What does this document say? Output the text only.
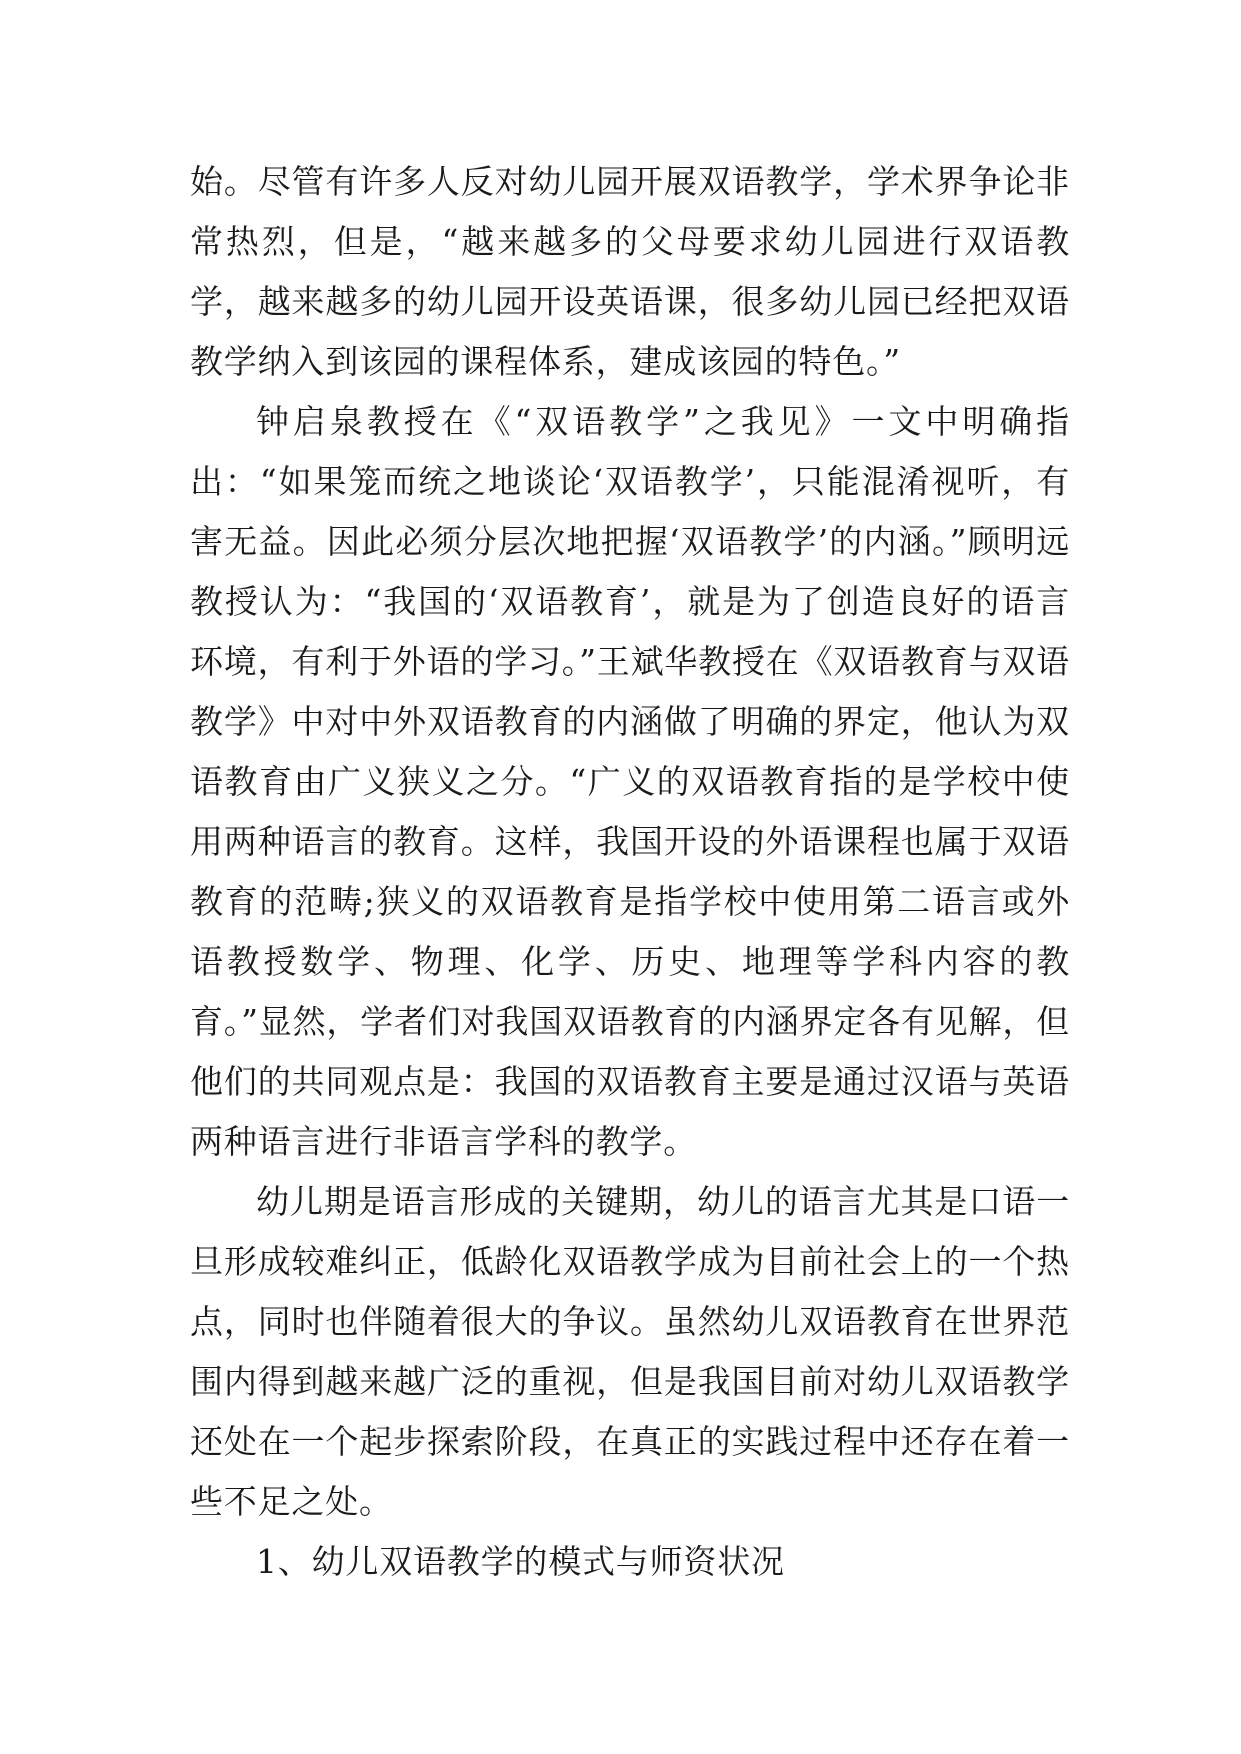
始。尽管有许多人反对幼儿园开展双语教学，学术界争论非常热烈，但是，“越来越多的父母要求幼儿园进行双语教学，越来越多的幼儿园开设英语课，很多幼儿园已经把双语教学纳入到该园的课程体系，建成该园的特色。”

钟启泉教授在《“双语教学”之我见》一文中明确指出：“如果笼而统之地谈论‘双语教学’，只能混淆视听，有害无益。因此必须分层次地把握‘双语教学’的内涵。”顾明远教授认为：“我国的‘双语教育’，就是为了创造良好的语言环境，有利于外语的学习。”王斌华教授在《双语教育与双语教学》中对中外双语教育的内涵做了明确的界定，他认为双语教育由广义狭义之分。“广义的双语教育指的是学校中使用两种语言的教育。这样，我国开设的外语课程也属于双语教育的范畴;狭义的双语教育是指学校中使用第二语言或外语教授数学、物理、化学、历史、地理等学科内容的教育。”显然，学者们对我国双语教育的内涵界定各有见解，但他们的共同观点是：我国的双语教育主要是通过汉语与英语两种语言进行非语言学科的教学。

幼儿期是语言形成的关键期，幼儿的语言尤其是口语一旦形成较难纠正，低龄化双语教学成为目前社会上的一个热点，同时也伴随着很大的争议。虽然幼儿双语教育在世界范围内得到越来越广泛的重视，但是我国目前对幼儿双语教学还处在一个起步探索阶段，在真正的实践过程中还存在着一些不足之处。

1、幼儿双语教学的模式与师资状况
